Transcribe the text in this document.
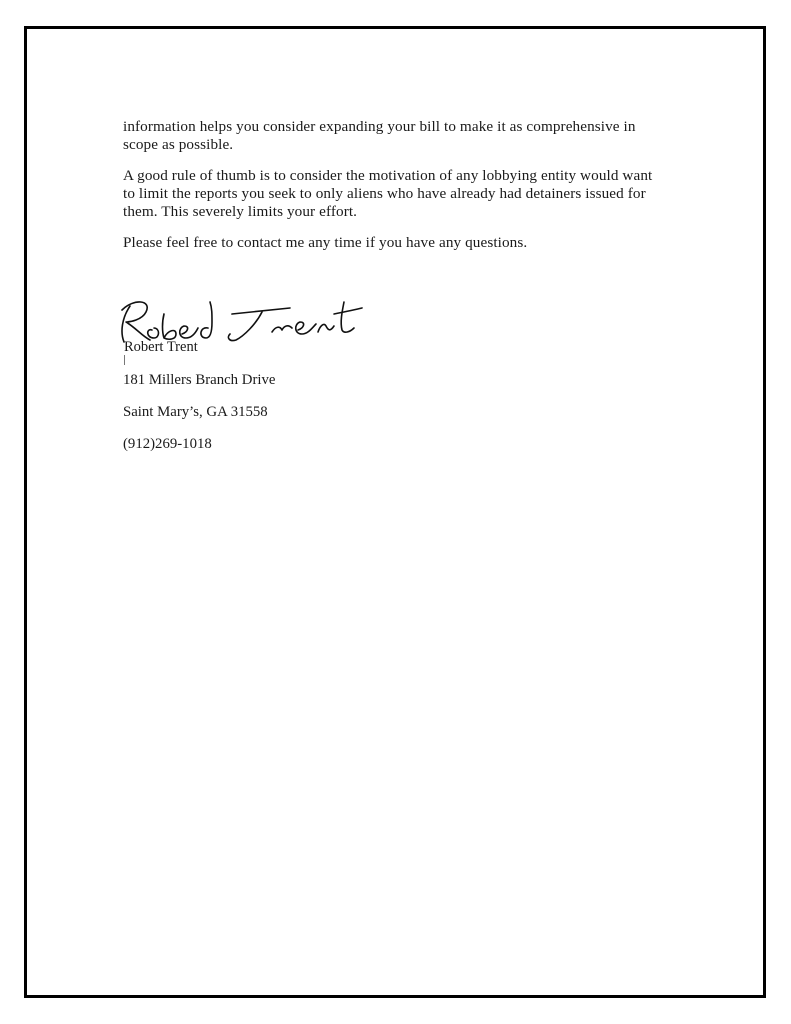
information helps you consider expanding your bill to make it as comprehensive in scope as possible.

A good rule of thumb is to consider the motivation of any lobbying entity would want to limit the reports you seek to only aliens who have already had detainers issued for them. This severely limits your effort.

Please feel free to contact me any time if you have any questions.

Robert Trent
181 Millers Branch Drive
Saint Mary’s, GA 31558
(912)269-1018
